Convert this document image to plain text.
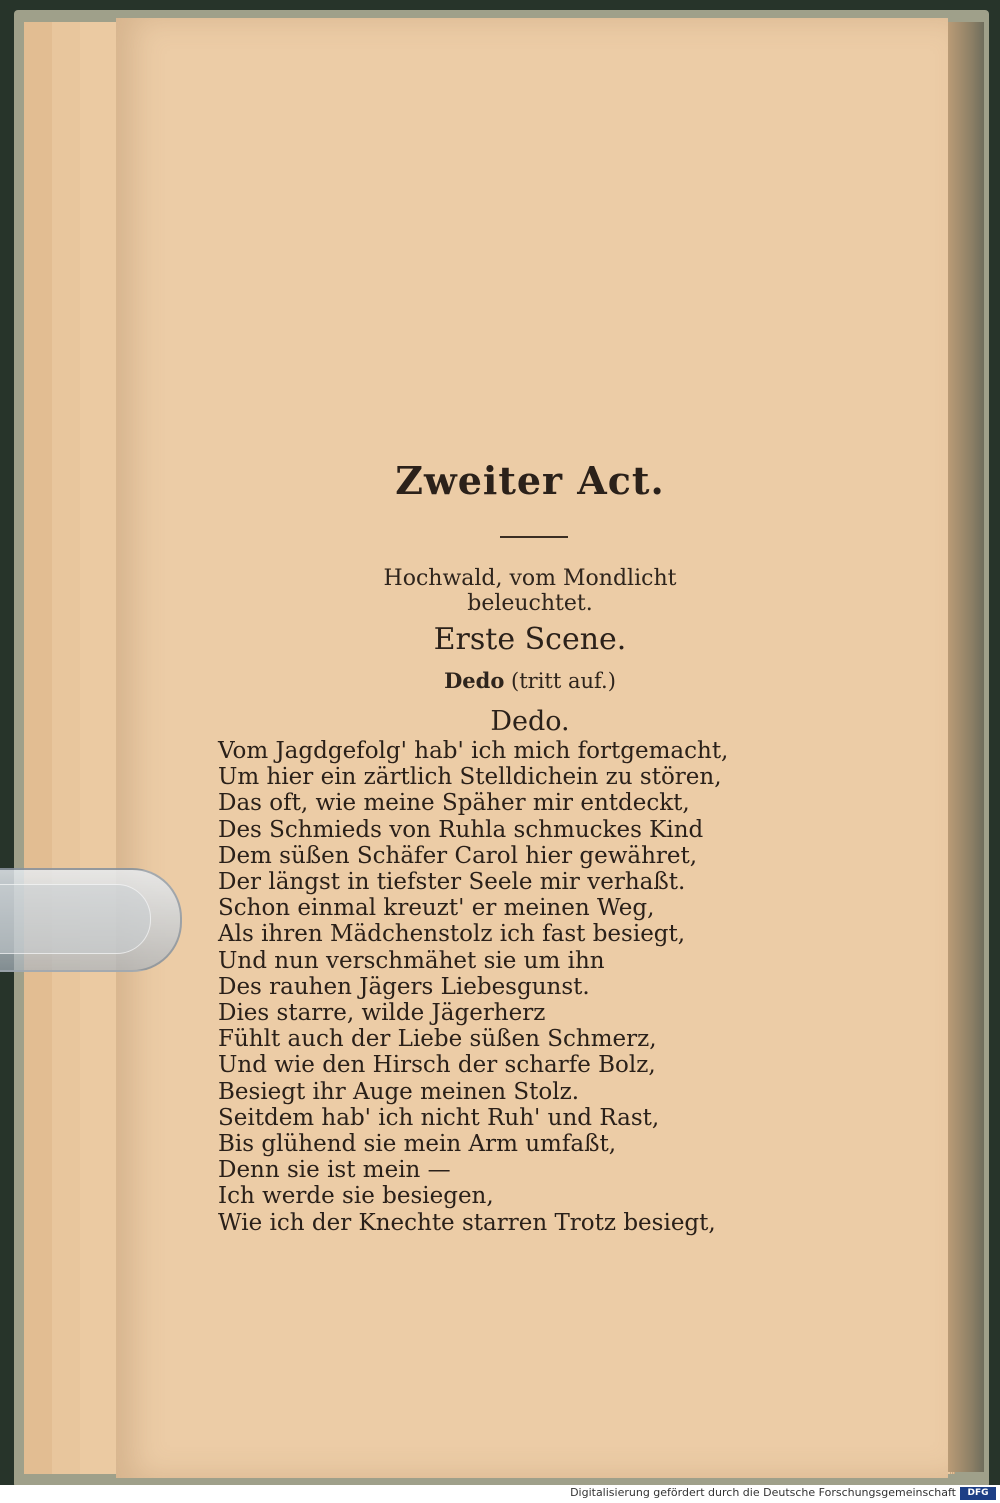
Zweiter Act.
Hochwald, vom Mondlicht beleuchtet.
Erste Scene.
Dedo (tritt auf.)
Dedo.
Vom Jagdgefolg' hab' ich mich fortgemacht,
Um hier ein zärtlich Stelldichein zu stören,
Das oft, wie meine Späher mir entdeckt,
Des Schmieds von Ruhla schmuckes Kind
Dem süßen Schäfer Carol hier gewähret,
Der längst in tiefster Seele mir verhaßt.
Schon einmal kreuzt' er meinen Weg,
Als ihren Mädchenstolz ich fast besiegt,
Und nun verschmähet sie um ihn
Des rauhen Jägers Liebesgunst.
Dies starre, wilde Jägerherz
Fühlt auch der Liebe süßen Schmerz,
Und wie den Hirsch der scharfe Bolz,
Besiegt ihr Auge meinen Stolz.
Seitdem hab' ich nicht Ruh' und Rast,
Bis glühend sie mein Arm umfaßt,
Denn sie ist mein —
Ich werde sie besiegen,
Wie ich der Knechte starren Trotz besiegt,
Digitalisierung gefördert durch die Deutsche Forschungsgemeinschaft	DFG
